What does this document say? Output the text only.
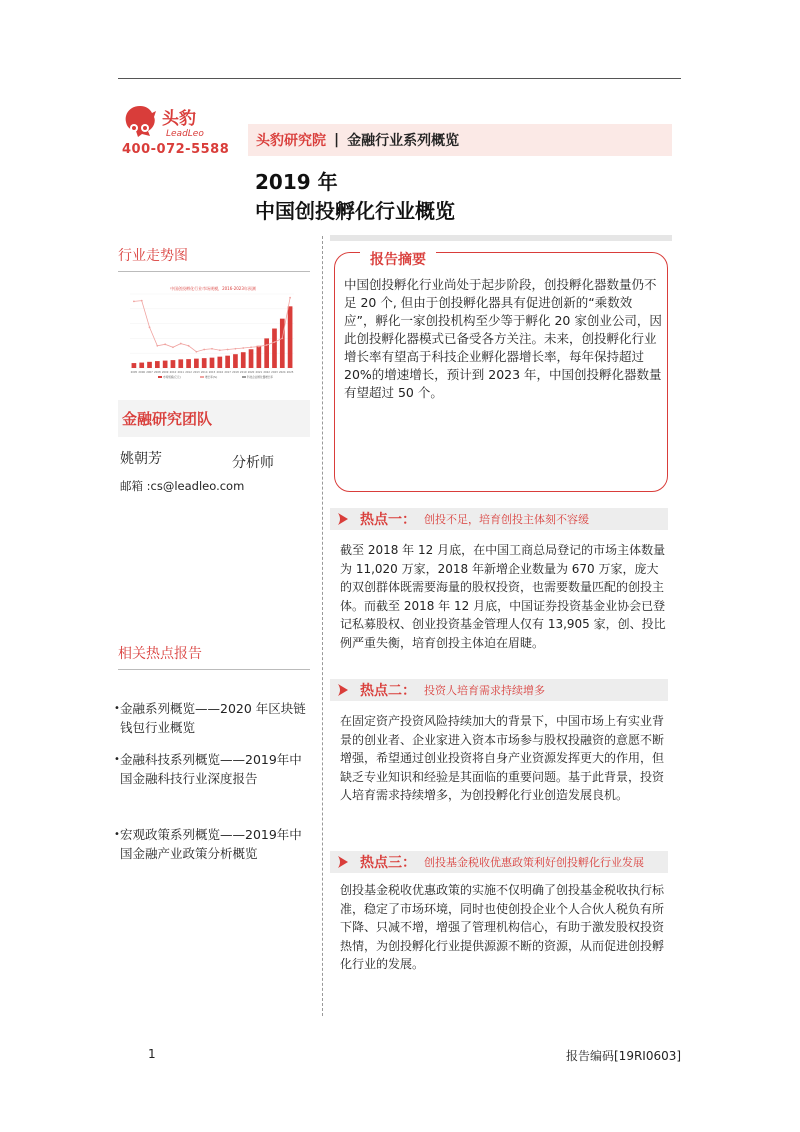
头豹
LeadLeo
400-072-5588
头豹研究院 | 金融行业系列概览
2019 年
中国创投孵化行业概览
行业走势图
中国创投孵化行业市场规模，2016-2023年预测
2005 2006 2007 2008 2009 2010 2011 2012 2013 2014 2015 2016 2017 2018 2019 2020 2021 2022 2023 2024 2025
市场规模(亿元)	增长率(%)	科技企业孵化器增长率
金融研究团队
姚朝芳	分析师
邮箱 :cs@leadleo.com
相关热点报告
• 金融系列概览——2020 年区块链钱包行业概览
• 金融科技系列概览——2019年中国金融科技行业深度报告
• 宏观政策系列概览——2019年中国金融产业政策分析概览
报告摘要
中国创投孵化行业尚处于起步阶段，创投孵化器数量仍不足 20 个, 但由于创投孵化器具有促进创新的“乘数效应”，孵化一家创投机构至少等于孵化 20 家创业公司，因此创投孵化器模式已备受各方关注。未来，创投孵化行业增长率有望高于科技企业孵化器增长率，每年保持超过 20%的增速增长，预计到 2023 年，中国创投孵化器数量有望超过 50 个。
热点一： 创投不足，培育创投主体刻不容缓
截至 2018 年 12 月底，在中国工商总局登记的市场主体数量为 11,020 万家，2018 年新增企业数量为 670 万家，庞大的双创群体既需要海量的股权投资，也需要数量匹配的创投主体。而截至 2018 年 12 月底，中国证券投资基金业协会已登记私募股权、创业投资基金管理人仅有 13,905 家，创、投比例严重失衡，培育创投主体迫在眉睫。
热点二： 投资人培育需求持续增多
在固定资产投资风险持续加大的背景下，中国市场上有实业背景的创业者、企业家进入资本市场参与股权投融资的意愿不断增强，希望通过创业投资将自身产业资源发挥更大的作用，但缺乏专业知识和经验是其面临的重要问题。基于此背景，投资人培育需求持续增多，为创投孵化行业创造发展良机。
热点三： 创投基金税收优惠政策利好创投孵化行业发展
创投基金税收优惠政策的实施不仅明确了创投基金税收执行标准，稳定了市场环境，同时也使创投企业个人合伙人税负有所下降、只减不增，增强了管理机构信心，有助于激发股权投资热情，为创投孵化行业提供源源不断的资源，从而促进创投孵化行业的发展。
1	报告编码[19RI0603]
